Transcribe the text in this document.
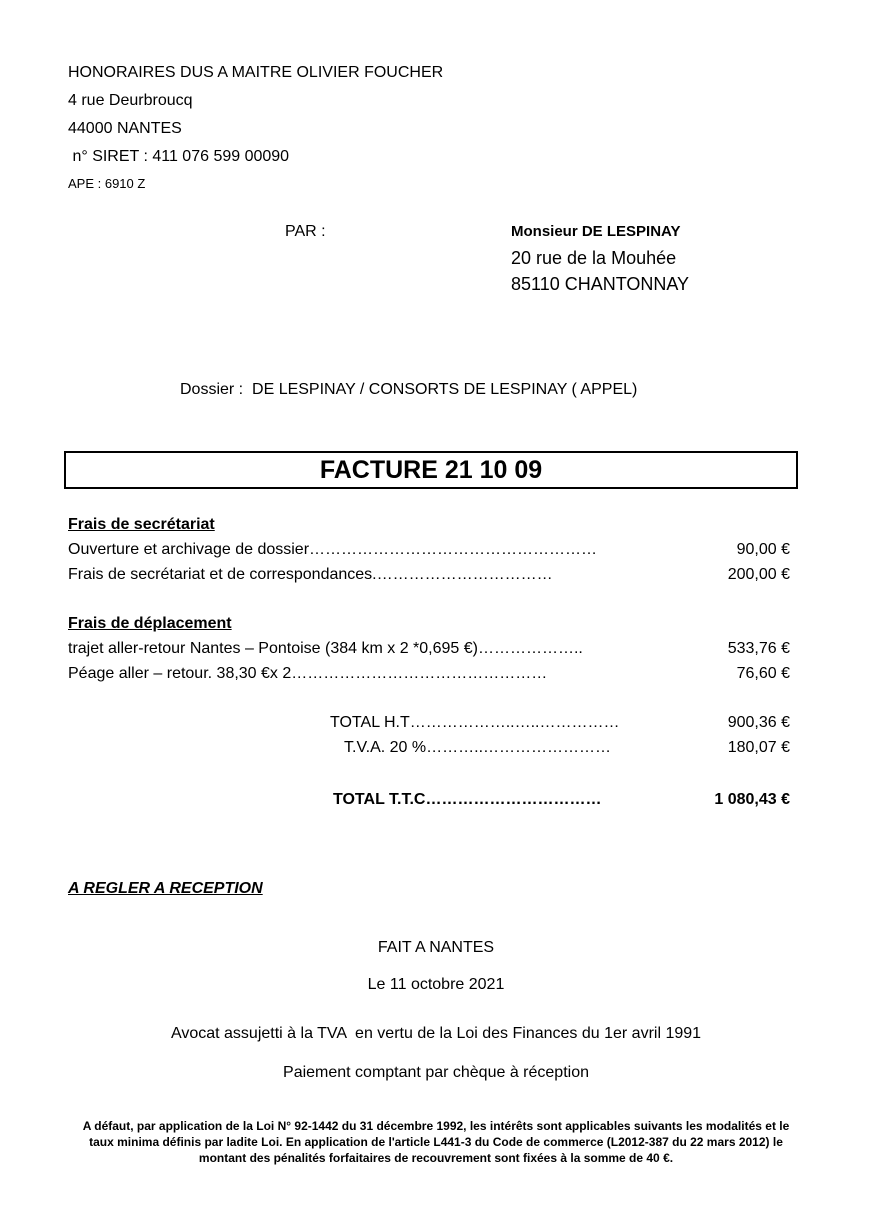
HONORAIRES DUS A MAITRE OLIVIER FOUCHER
4 rue Deurbroucq
44000 NANTES
n° SIRET : 411 076 599 00090
APE : 6910 Z
PAR :	Monsieur DE LESPINAY
20 rue de la Mouhée
85110 CHANTONNAY
Dossier :  DE LESPINAY / CONSORTS DE LESPINAY ( APPEL)
FACTURE 21 10 09
Frais de secrétariat
Ouverture et archivage de dossier………………………………………………	90,00 €
Frais de secrétariat et de correspondances.……………………………	200,00 €
Frais de déplacement
trajet aller-retour Nantes – Pontoise (384 km x 2 *0,695 €)………………..	533,76 €
Péage aller – retour. 38,30 €x 2…………………………………………	76,60 €
TOTAL H.T………………..…..……………	900,36 €
T.V.A. 20 %………..……………………	180,07 €
TOTAL T.T.C……………………………	1 080,43 €
A REGLER A RECEPTION
FAIT A NANTES
Le 11 octobre 2021
Avocat assujetti à la TVA  en vertu de la Loi des Finances du 1er avril 1991
Paiement comptant par chèque à réception
A défaut, par application de la Loi N° 92-1442 du 31 décembre 1992, les intérêts sont applicables suivants les modalités et le taux minima définis par ladite Loi. En application de l'article L441-3 du Code de commerce (L2012-387 du 22 mars 2012) le montant des pénalités forfaitaires de recouvrement sont fixées à la somme de 40 €.
